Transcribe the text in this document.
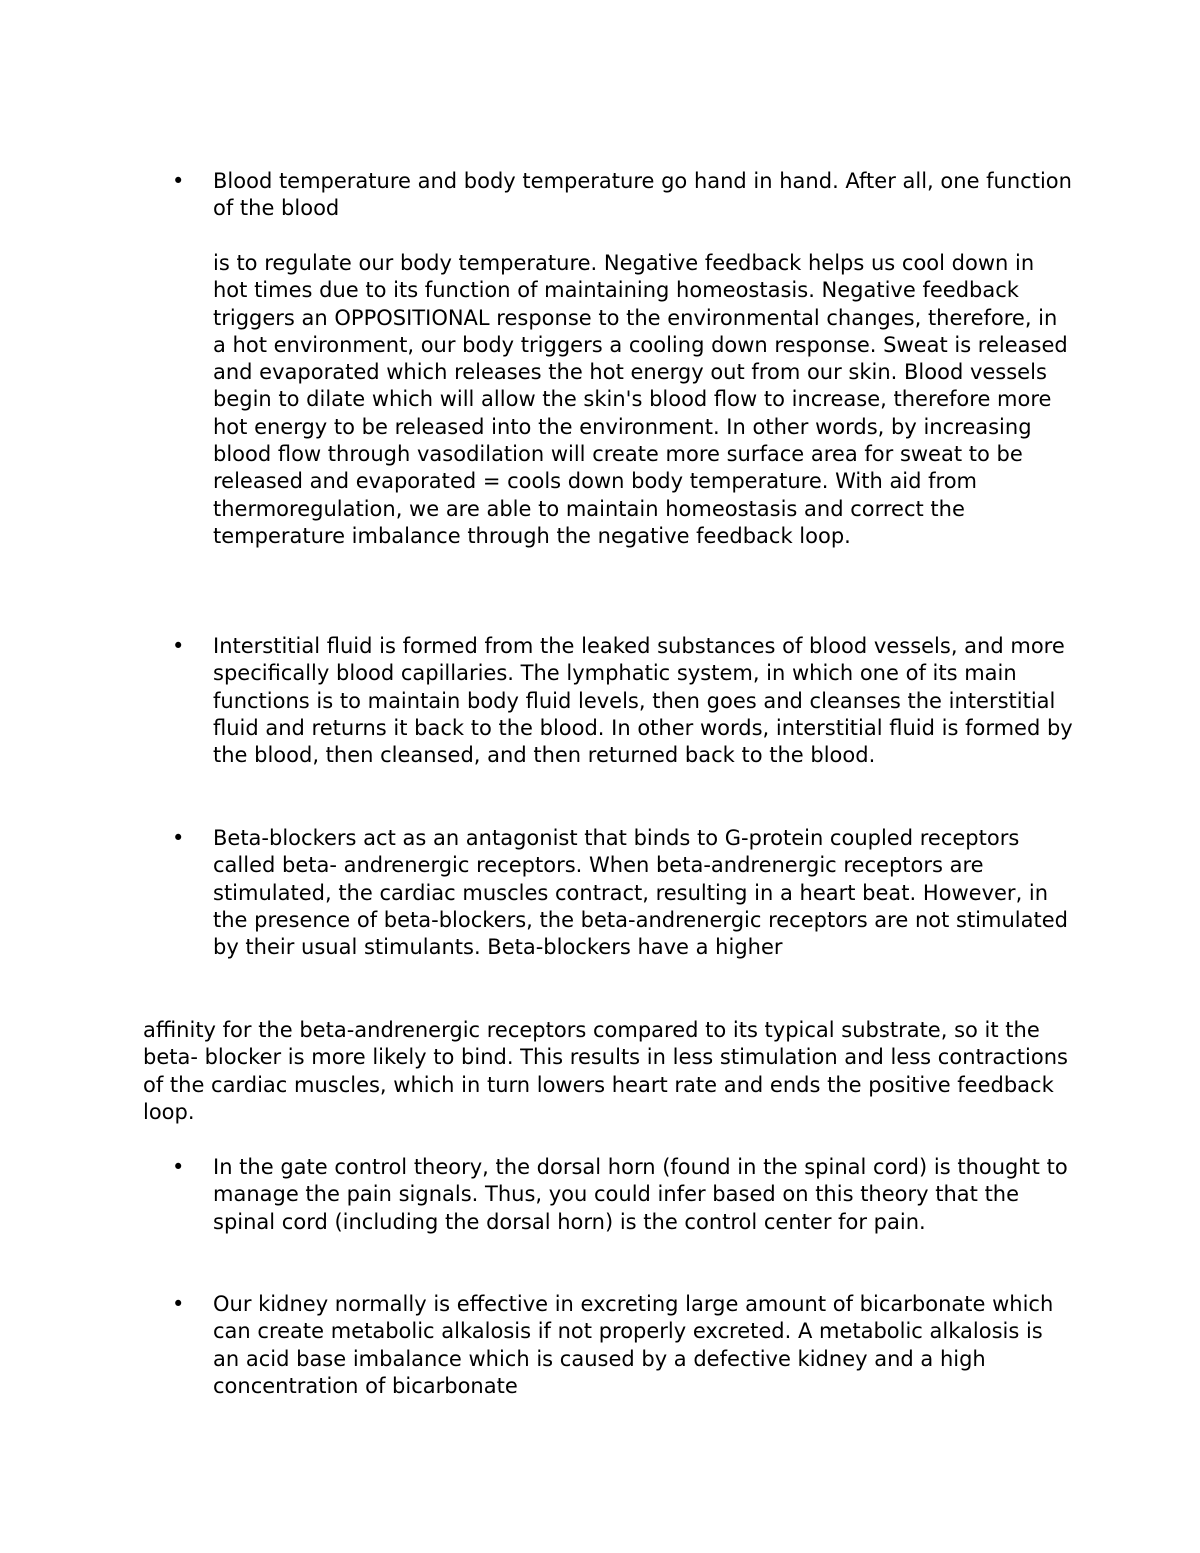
• Blood temperature and body temperature go hand in hand. After all, one function of the blood

is to regulate our body temperature. Negative feedback helps us cool down in hot times due to its function of maintaining homeostasis. Negative feedback triggers an OPPOSITIONAL response to the environmental changes, therefore, in a hot environment, our body triggers a cooling down response. Sweat is released and evaporated which releases the hot energy out from our skin. Blood vessels begin to dilate which will allow the skin's blood flow to increase, therefore more hot energy to be released into the environment. In other words, by increasing blood flow through vasodilation will create more surface area for sweat to be released and evaporated = cools down body temperature. With aid from thermoregulation, we are able to maintain homeostasis and correct the temperature imbalance through the negative feedback loop.

• Interstitial fluid is formed from the leaked substances of blood vessels, and more specifically blood capillaries. The lymphatic system, in which one of its main functions is to maintain body fluid levels, then goes and cleanses the interstitial fluid and returns it back to the blood. In other words, interstitial fluid is formed by the blood, then cleansed, and then returned back to the blood.

• Beta-blockers act as an antagonist that binds to G-protein coupled receptors called beta- andrenergic receptors. When beta-andrenergic receptors are stimulated, the cardiac muscles contract, resulting in a heart beat. However, in the presence of beta-blockers, the beta-andrenergic receptors are not stimulated by their usual stimulants. Beta-blockers have a higher

affinity for the beta-andrenergic receptors compared to its typical substrate, so it the beta- blocker is more likely to bind. This results in less stimulation and less contractions of the cardiac muscles, which in turn lowers heart rate and ends the positive feedback loop.

• In the gate control theory, the dorsal horn (found in the spinal cord) is thought to manage the pain signals. Thus, you could infer based on this theory that the spinal cord (including the dorsal horn) is the control center for pain.

• Our kidney normally is effective in excreting large amount of bicarbonate which can create metabolic alkalosis if not properly excreted. A metabolic alkalosis is an acid base imbalance which is caused by a defective kidney and a high concentration of bicarbonate
